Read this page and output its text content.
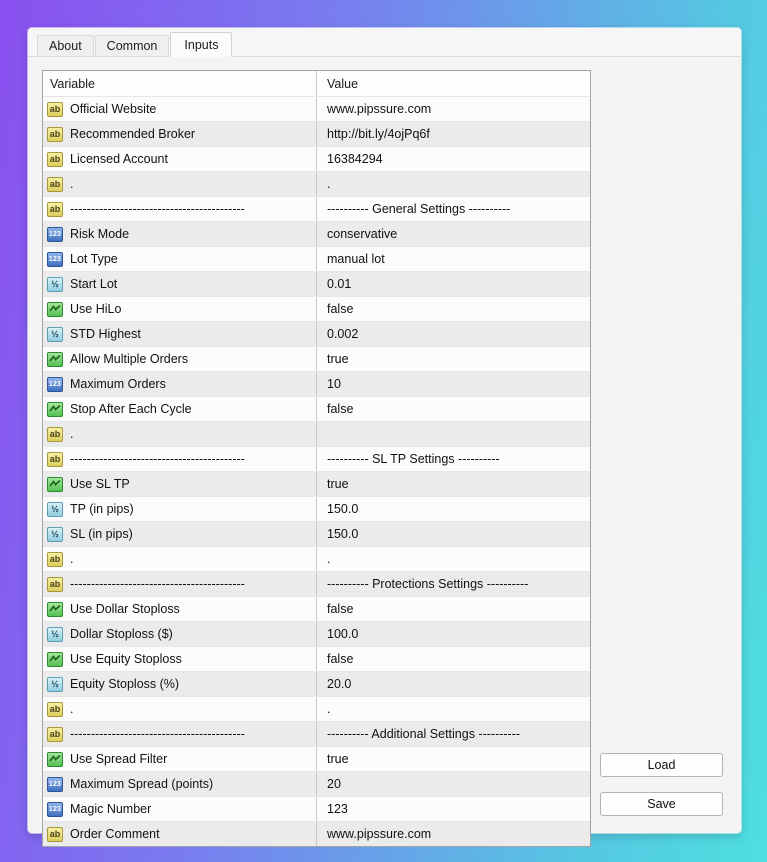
About	Common	Inputs
Variable	Value
ab Official Website	www.pipssure.com
ab Recommended Broker	http://bit.ly/4ojPq6f
ab Licensed Account	16384294
ab .	.
ab ------------------------------------------	---------- General Settings ----------
123 Risk Mode	conservative
123 Lot Type	manual lot
½ Start Lot	0.01
Use HiLo	false
½ STD Highest	0.002
Allow Multiple Orders	true
123 Maximum Orders	10
Stop After Each Cycle	false
ab .
ab ------------------------------------------	---------- SL TP Settings ----------
Use SL TP	true
½ TP (in pips)	150.0
½ SL (in pips)	150.0
ab .	.
ab ------------------------------------------	---------- Protections Settings ----------
Use Dollar Stoploss	false
½ Dollar Stoploss ($)	100.0
Use Equity Stoploss	false
½ Equity Stoploss (%)	20.0
ab .	.
ab ------------------------------------------	---------- Additional Settings ----------
Use Spread Filter	true
123 Maximum Spread (points)	20
123 Magic Number	123
ab Order Comment	www.pipssure.com
Load
Save
